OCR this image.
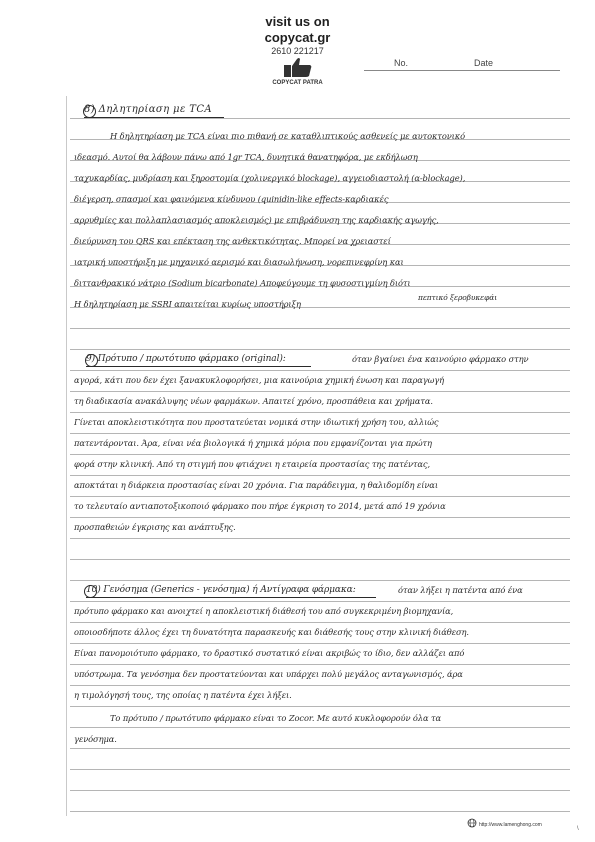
visit us on
copycat.gr
2610 221217
COPYCAT PATRA
No.	Date
8) Δηλητηρίαση με TCA
Η δηλητηρίαση με TCA είναι πιο πιθανή σε καταθλιπτικούς ασθενείς με αυτοκτονικό
ιδεασμό. Αυτοί θα λάβουν πάνω από 1gr TCA, δυνητικά θανατηφόρα, με εκδήλωση
ταχυκαρδίας, μυδρίαση και ξηροστομία (χολινεργικό blockage), αγγειοδιαστολή (α-blockage),
διέγερση, σπασμοί και φαινόμενα κίνδυνου (quinidin-like effects-καρδιακές
αρρυθμίες και πολλαπλασιασμός αποκλεισμός) με επιβράδυνση της καρδιακής αγωγής,
διεύρυνση του QRS και επέκταση της ανθεκτικότητας. Μπορεί να χρειαστεί
ιατρική υποστήριξη με μηχανικό αερισμό και διασωλήνωση, νορεπινεφρίνη και
διττανθρακικό νάτριο (Sodium bicarbonate) Αποφεύγουμε τη φυσοστιγμίνη διότι
Η δηλητηρίαση με SSRI απαιτείται κυρίως υποστήριξη
πεπτικό ξεροβυκεφάι
9) Πρότυπο / πρωτότυπο φάρμακο (original):	όταν βγαίνει ένα καινούριο φάρμακο στην
αγορά, κάτι που δεν έχει ξανακυκλοφορήσει, μια καινούρια χημική ένωση και παραγωγή
τη διαδικασία ανακάλυψης νέων φαρμάκων. Απαιτεί χρόνο, προσπάθεια και χρήματα.
Γίνεται αποκλειστικότητα που προστατεύεται νομικά στην ιδιωτική χρήση του, αλλιώς
πατεντάρονται. Άρα, είναι νέα βιολογικά ή χημικά μόρια που εμφανίζονται για πρώτη
φορά στην κλινική. Από τη στιγμή που φτιάχνει η εταιρεία προστασίας της πατέντας,
αποκτάται η διάρκεια προστασίας είναι 20 χρόνια. Για παράδειγμα, η θαλιδομίδη είναι
το τελευταίο αντιαποτοξικοποιό φάρμακο που πήρε έγκριση το 2014, μετά από 19 χρόνια
προσπαθειών έγκρισης και ανάπτυξης.
10) Γενόσημα (Generics - γενόσημα) ή Αντίγραφα φάρμακα:	όταν λήξει η πατέντα από ένα
πρότυπο φάρμακο και ανοιχτεί η αποκλειστική διάθεσή του από συγκεκριμένη βιομηχανία,
οποιοσδήποτε άλλος έχει τη δυνατότητα παρασκευής και διάθεσής τους στην κλινική διάθεση.
Είναι πανομοιότυπο φάρμακο, το δραστικό συστατικό είναι ακριβώς το ίδιο, δεν αλλάζει από
υπόστρωμα. Τα γενόσημα δεν προστατεύονται και υπάρχει πολύ μεγάλος ανταγωνισμός, άρα
η τιμολόγησή τους, της οποίας η πατέντα έχει λήξει.
Το πρότυπο / πρωτότυπο φάρμακο είναι το Zocor. Με αυτό κυκλοφορούν όλα τα
γενόσημα.
http://www.lamenghong.com
\
